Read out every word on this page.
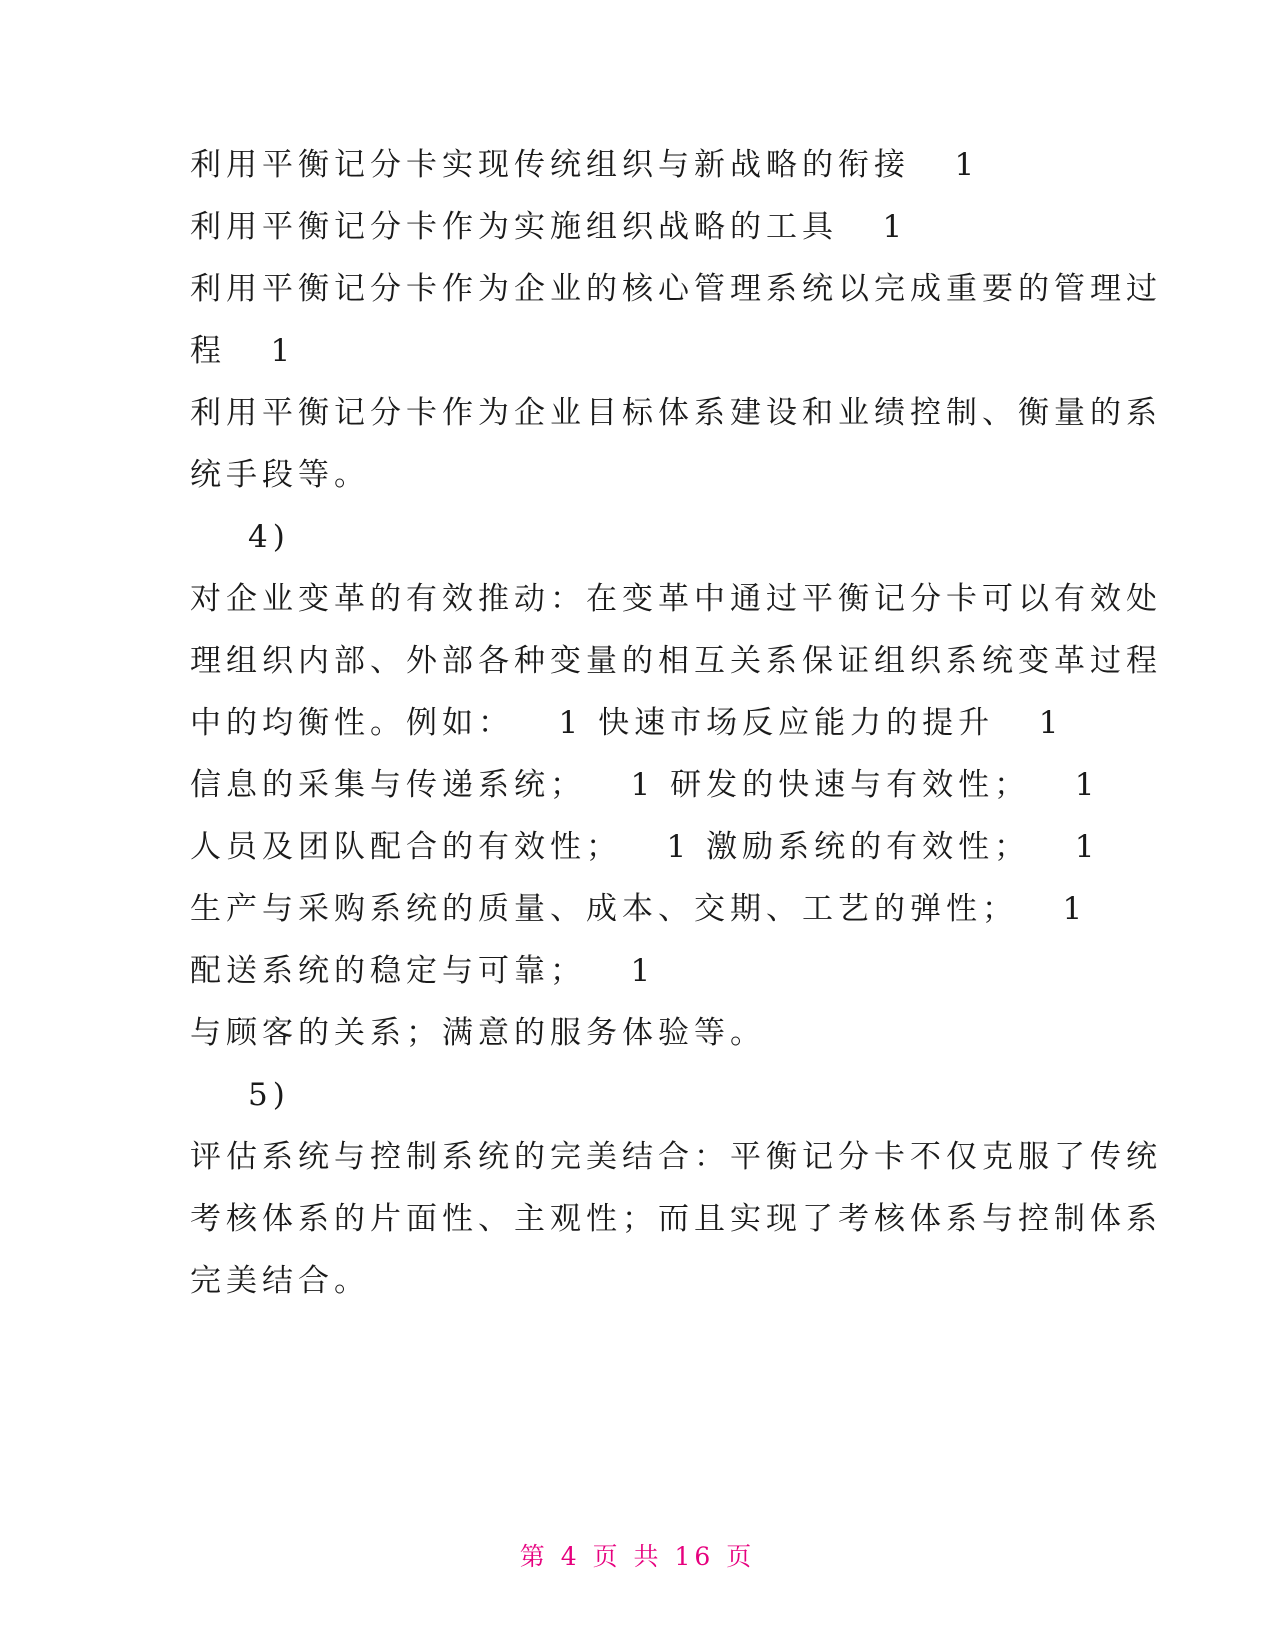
利用平衡记分卡实现传统组织与新战略的衔接   1
利用平衡记分卡作为实施组织战略的工具   1
利用平衡记分卡作为企业的核心管理系统以完成重要的管理过
程   1
利用平衡记分卡作为企业目标体系建设和业绩控制、衡量的系
统手段等。
4)
对企业变革的有效推动：在变革中通过平衡记分卡可以有效处
理组织内部、外部各种变量的相互关系保证组织系统变革过程
中的均衡性。例如：   1 快速市场反应能力的提升   1
信息的采集与传递系统；   1 研发的快速与有效性；   1
人员及团队配合的有效性；   1 激励系统的有效性；   1
生产与采购系统的质量、成本、交期、工艺的弹性；   1
配送系统的稳定与可靠；   1
与顾客的关系；满意的服务体验等。
5)
评估系统与控制系统的完美结合：平衡记分卡不仅克服了传统
考核体系的片面性、主观性；而且实现了考核体系与控制体系
完美结合。
第 4 页 共 16 页
